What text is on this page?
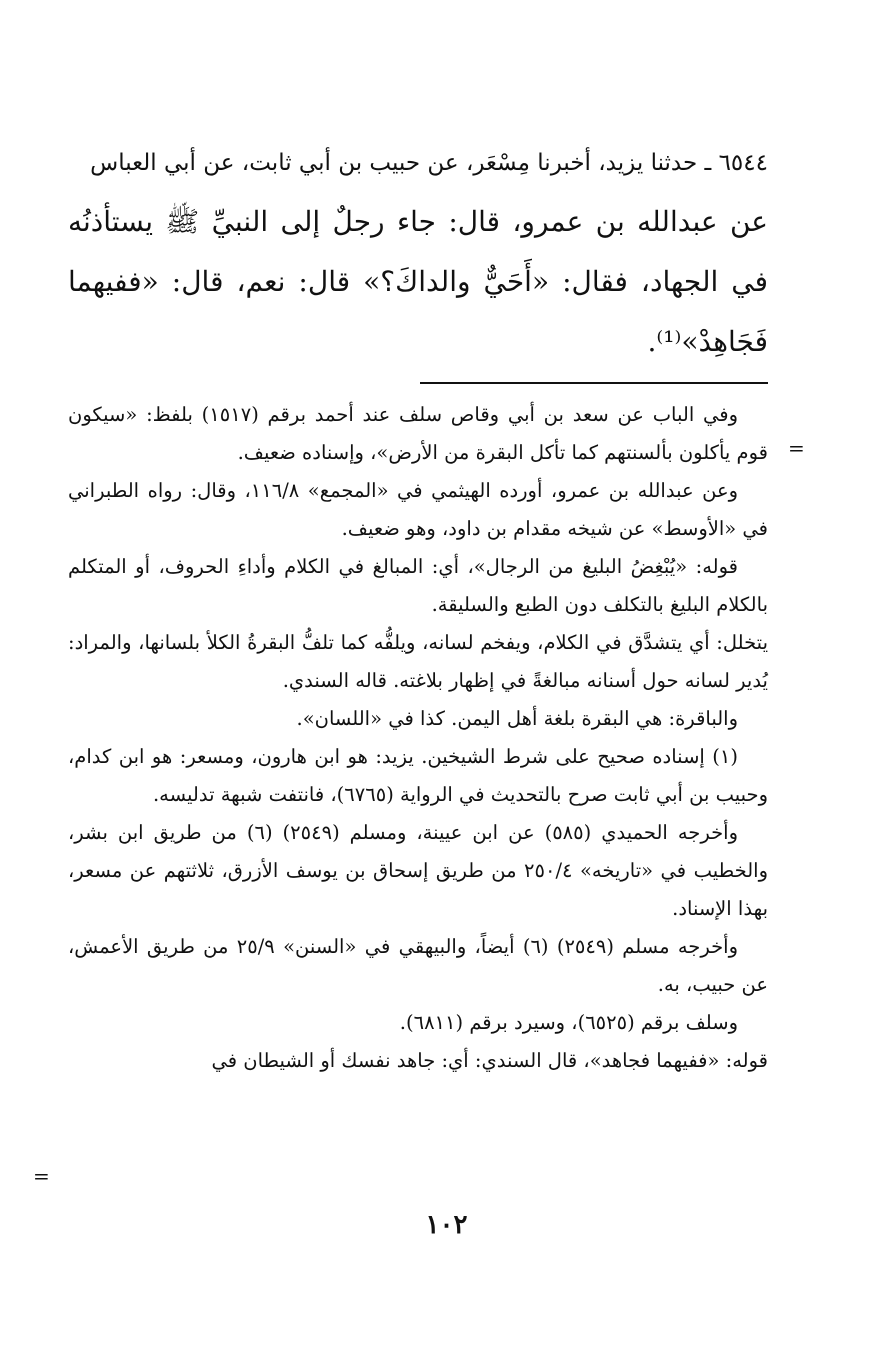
٦٥٤٤ ـ حدثنا يزيد، أخبرنا مِسْعَر، عن حبيب بن أبي ثابت، عن أبي العباس
عن عبدالله بن عمرو، قال: جاء رجلٌ إلى النبيِّ ﷺ يستأذنُه في الجهاد، فقال: «أَحَيٌّ والداكَ؟» قال: نعم، قال: «ففيهما فَجَاهِدْ»⁽¹⁾.

وفي الباب عن سعد بن أبي وقاص سلف عند أحمد برقم (١٥١٧) بلفظ: «سيكون قوم يأكلون بألسنتهم كما تأكل البقرة من الأرض»، وإسناده ضعيف.

وعن عبدالله بن عمرو، أورده الهيثمي في «المجمع» ١١٦/٨، وقال: رواه الطبراني في «الأوسط» عن شيخه مقدام بن داود، وهو ضعيف.

قوله: «يُبْغِضُ البليغ من الرجال»، أي: المبالغ في الكلام وأداءِ الحروف، أو المتكلم بالكلام البليغ بالتكلف دون الطبع والسليقة.

يتخلل: أي يتشدَّق في الكلام، ويفخم لسانه، ويلفُّه كما تلفُّ البقرةُ الكلأ بلسانها، والمراد: يُدير لسانه حول أسنانه مبالغةً في إظهار بلاغته. قاله السندي.

والباقرة: هي البقرة بلغة أهل اليمن. كذا في «اللسان».

(١) إسناده صحيح على شرط الشيخين. يزيد: هو ابن هارون، ومسعر: هو ابن كدام، وحبيب بن أبي ثابت صرح بالتحديث في الرواية (٦٧٦٥)، فانتفت شبهة تدليسه.

وأخرجه الحميدي (٥٨٥) عن ابن عيينة، ومسلم (٢٥٤٩) (٦) من طريق ابن بشر، والخطيب في «تاريخه» ٢٥٠/٤ من طريق إسحاق بن يوسف الأزرق، ثلاثتهم عن مسعر، بهذا الإسناد.

وأخرجه مسلم (٢٥٤٩) (٦) أيضاً، والبيهقي في «السنن» ٢٥/٩ من طريق الأعمش، عن حبيب، به.

وسلف برقم (٦٥٢٥)، وسيرد برقم (٦٨١١).

قوله: «ففيهما فجاهد»، قال السندي: أي: جاهد نفسك أو الشيطان في

=
=
١٠٢
